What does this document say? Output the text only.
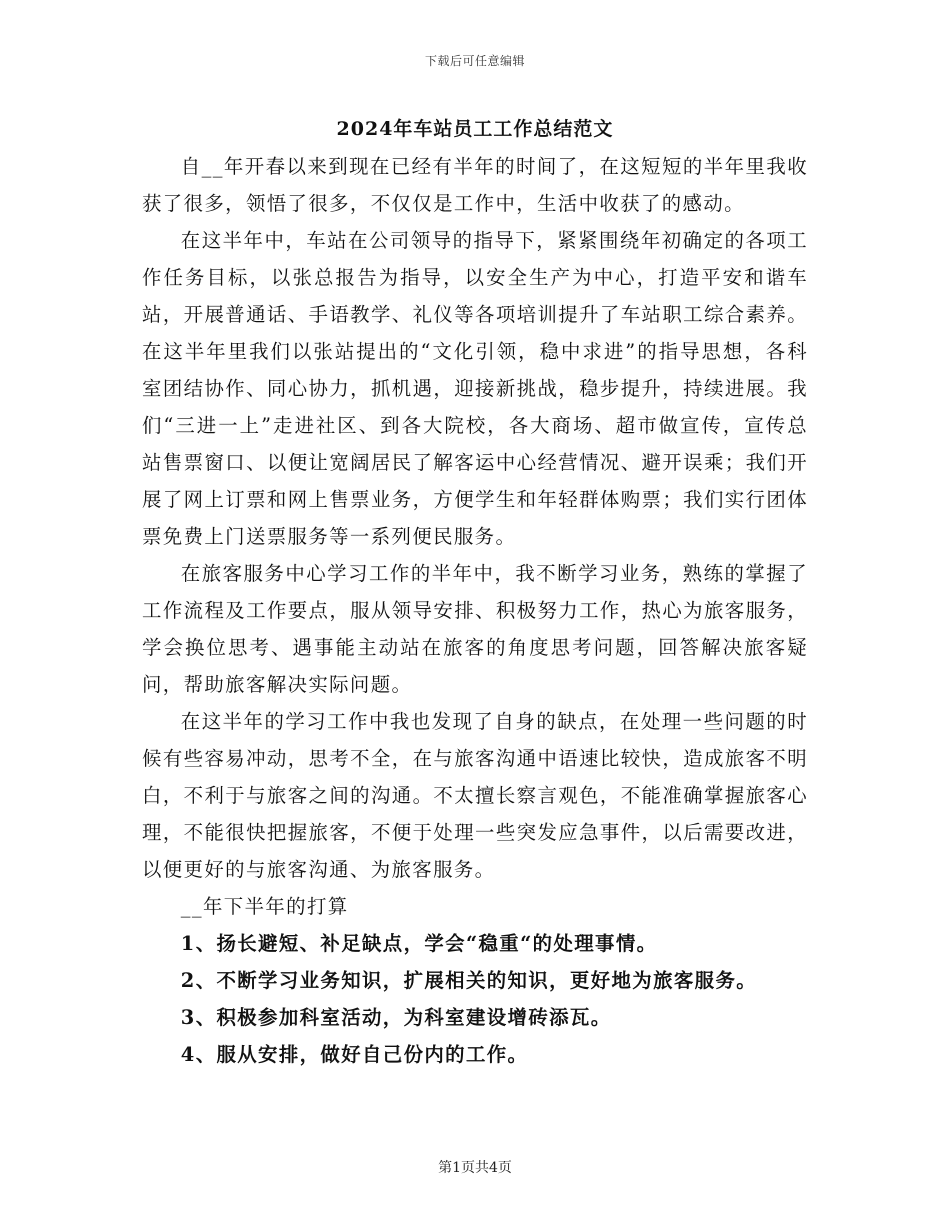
下载后可任意编辑
2024年车站员工工作总结范文

自__年开春以来到现在已经有半年的时间了，在这短短的半年里我收获了很多，领悟了很多，不仅仅是工作中，生活中收获了的感动。

在这半年中，车站在公司领导的指导下，紧紧围绕年初确定的各项工作任务目标，以张总报告为指导，以安全生产为中心，打造平安和谐车站，开展普通话、手语教学、礼仪等各项培训提升了车站职工综合素养。在这半年里我们以张站提出的“文化引领，稳中求进”的指导思想，各科室团结协作、同心协力，抓机遇，迎接新挑战，稳步提升，持续进展。我们“三进一上”走进社区、到各大院校，各大商场、超市做宣传，宣传总站售票窗口、以便让宽阔居民了解客运中心经营情况、避开误乘；我们开展了网上订票和网上售票业务，方便学生和年轻群体购票；我们实行团体票免费上门送票服务等一系列便民服务。

在旅客服务中心学习工作的半年中，我不断学习业务，熟练的掌握了工作流程及工作要点，服从领导安排、积极努力工作，热心为旅客服务，学会换位思考、遇事能主动站在旅客的角度思考问题，回答解决旅客疑问，帮助旅客解决实际问题。

在这半年的学习工作中我也发现了自身的缺点，在处理一些问题的时候有些容易冲动，思考不全，在与旅客沟通中语速比较快，造成旅客不明白，不利于与旅客之间的沟通。不太擅长察言观色，不能准确掌握旅客心理，不能很快把握旅客，不便于处理一些突发应急事件，以后需要改进，以便更好的与旅客沟通、为旅客服务。

__年下半年的打算

1、扬长避短、补足缺点，学会“稳重“的处理事情。

2、不断学习业务知识，扩展相关的知识，更好地为旅客服务。

3、积极参加科室活动，为科室建设增砖添瓦。

4、服从安排，做好自己份内的工作。

第1页共4页
